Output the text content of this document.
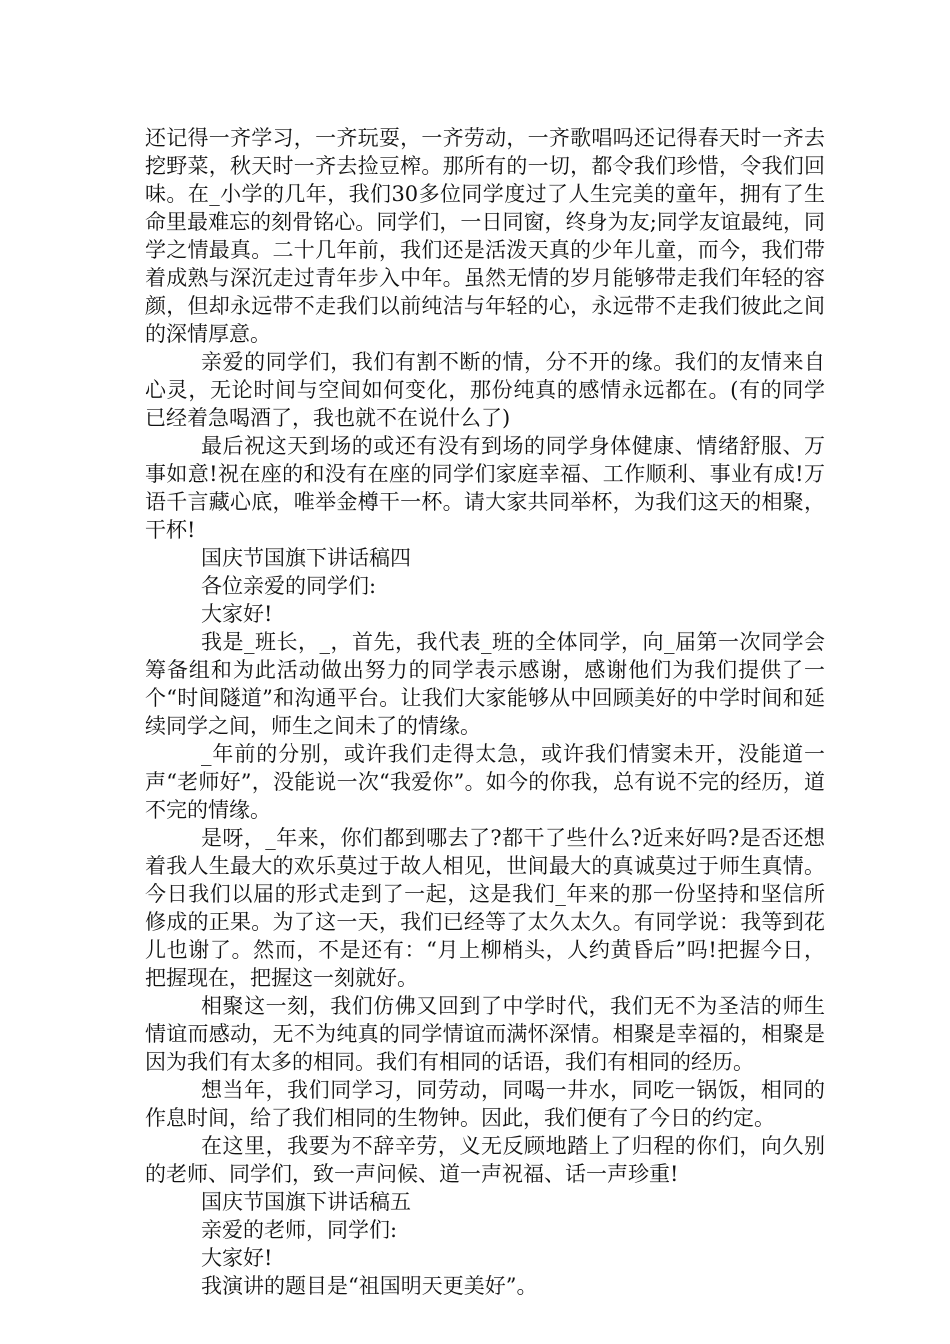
还记得一齐学习，一齐玩耍，一齐劳动，一齐歌唱吗还记得春天时一齐去挖野菜，秋天时一齐去捡豆榨。那所有的一切，都令我们珍惜，令我们回味。在_小学的几年，我们30多位同学度过了人生完美的童年，拥有了生命里最难忘的刻骨铭心。同学们，一日同窗，终身为友;同学友谊最纯，同学之情最真。二十几年前，我们还是活泼天真的少年儿童，而今，我们带着成熟与深沉走过青年步入中年。虽然无情的岁月能够带走我们年轻的容颜，但却永远带不走我们以前纯洁与年轻的心，永远带不走我们彼此之间的深情厚意。

亲爱的同学们，我们有割不断的情，分不开的缘。我们的友情来自心灵，无论时间与空间如何变化，那份纯真的感情永远都在。(有的同学已经着急喝酒了，我也就不在说什么了)

最后祝这天到场的或还有没有到场的同学身体健康、情绪舒服、万事如意!祝在座的和没有在座的同学们家庭幸福、工作顺利、事业有成!万语千言藏心底，唯举金樽干一杯。请大家共同举杯，为我们这天的相聚，干杯!

国庆节国旗下讲话稿四

各位亲爱的同学们:

大家好!

我是_班长，_，首先，我代表_班的全体同学，向_届第一次同学会筹备组和为此活动做出努力的同学表示感谢，感谢他们为我们提供了一个“时间隧道”和沟通平台。让我们大家能够从中回顾美好的中学时间和延续同学之间，师生之间未了的情缘。

_年前的分别，或许我们走得太急，或许我们情窦未开，没能道一声“老师好”，没能说一次“我爱你”。如今的你我，总有说不完的经历，道不完的情缘。

是呀，_年来，你们都到哪去了?都干了些什么?近来好吗?是否还想着我人生最大的欢乐莫过于故人相见，世间最大的真诚莫过于师生真情。今日我们以届的形式走到了一起，这是我们_年来的那一份坚持和坚信所修成的正果。为了这一天，我们已经等了太久太久。有同学说：我等到花儿也谢了。然而，不是还有：“月上柳梢头，人约黄昏后”吗!把握今日，把握现在，把握这一刻就好。

相聚这一刻，我们仿佛又回到了中学时代，我们无不为圣洁的师生情谊而感动，无不为纯真的同学情谊而满怀深情。相聚是幸福的，相聚是因为我们有太多的相同。我们有相同的话语，我们有相同的经历。

想当年，我们同学习，同劳动，同喝一井水，同吃一锅饭，相同的作息时间，给了我们相同的生物钟。因此，我们便有了今日的约定。

在这里，我要为不辞辛劳，义无反顾地踏上了归程的你们，向久别的老师、同学们，致一声问候、道一声祝福、话一声珍重!

国庆节国旗下讲话稿五

亲爱的老师，同学们:

大家好!

我演讲的题目是“祖国明天更美好”。
